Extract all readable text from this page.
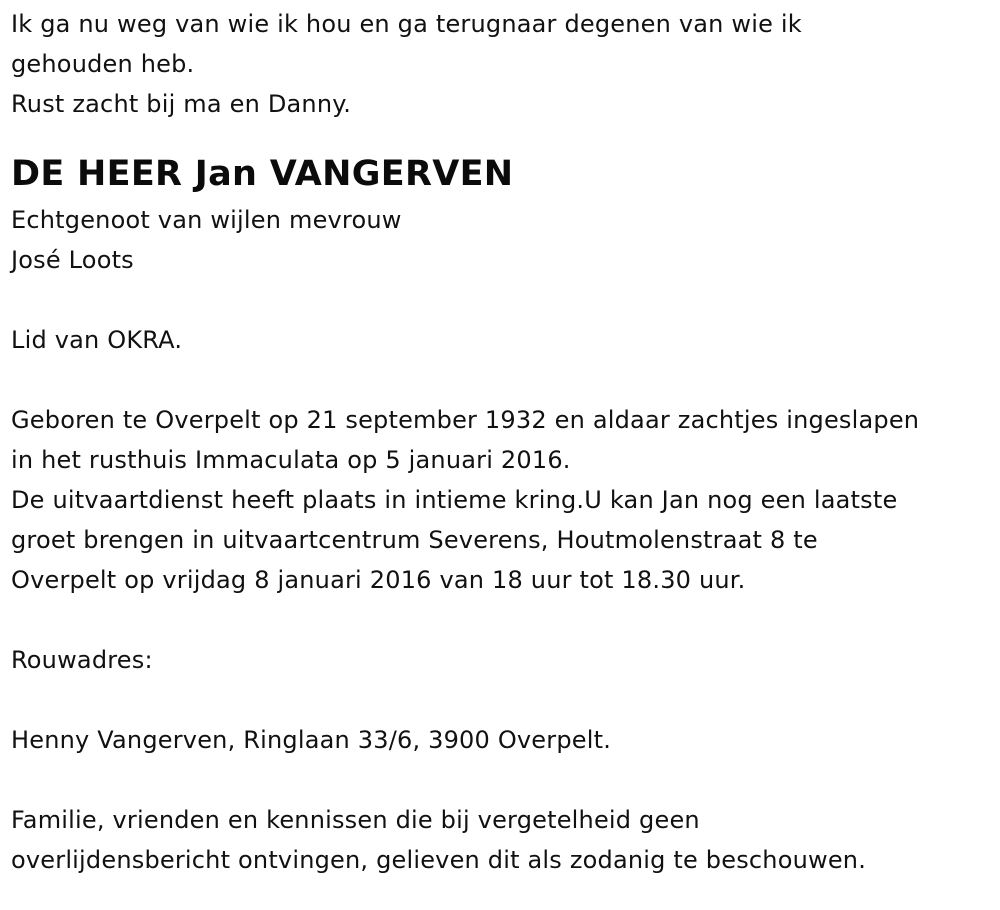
Ik ga nu weg van wie ik hou en ga terugnaar degenen van wie ik
gehouden heb.
Rust zacht bij ma en Danny.
DE HEER Jan VANGERVEN
Echtgenoot van wijlen mevrouw
José Loots
Lid van OKRA.
Geboren te Overpelt op 21 september 1932 en aldaar zachtjes ingeslapen
in het rusthuis Immaculata op 5 januari 2016.
De uitvaartdienst heeft plaats in intieme kring.U kan Jan nog een laatste
groet brengen in uitvaartcentrum Severens, Houtmolenstraat 8 te
Overpelt op vrijdag 8 januari 2016 van 18 uur tot 18.30 uur.
Rouwadres:
Henny Vangerven, Ringlaan 33/6, 3900 Overpelt.
Familie, vrienden en kennissen die bij vergetelheid geen
overlijdensbericht ontvingen, gelieven dit als zodanig te beschouwen.
